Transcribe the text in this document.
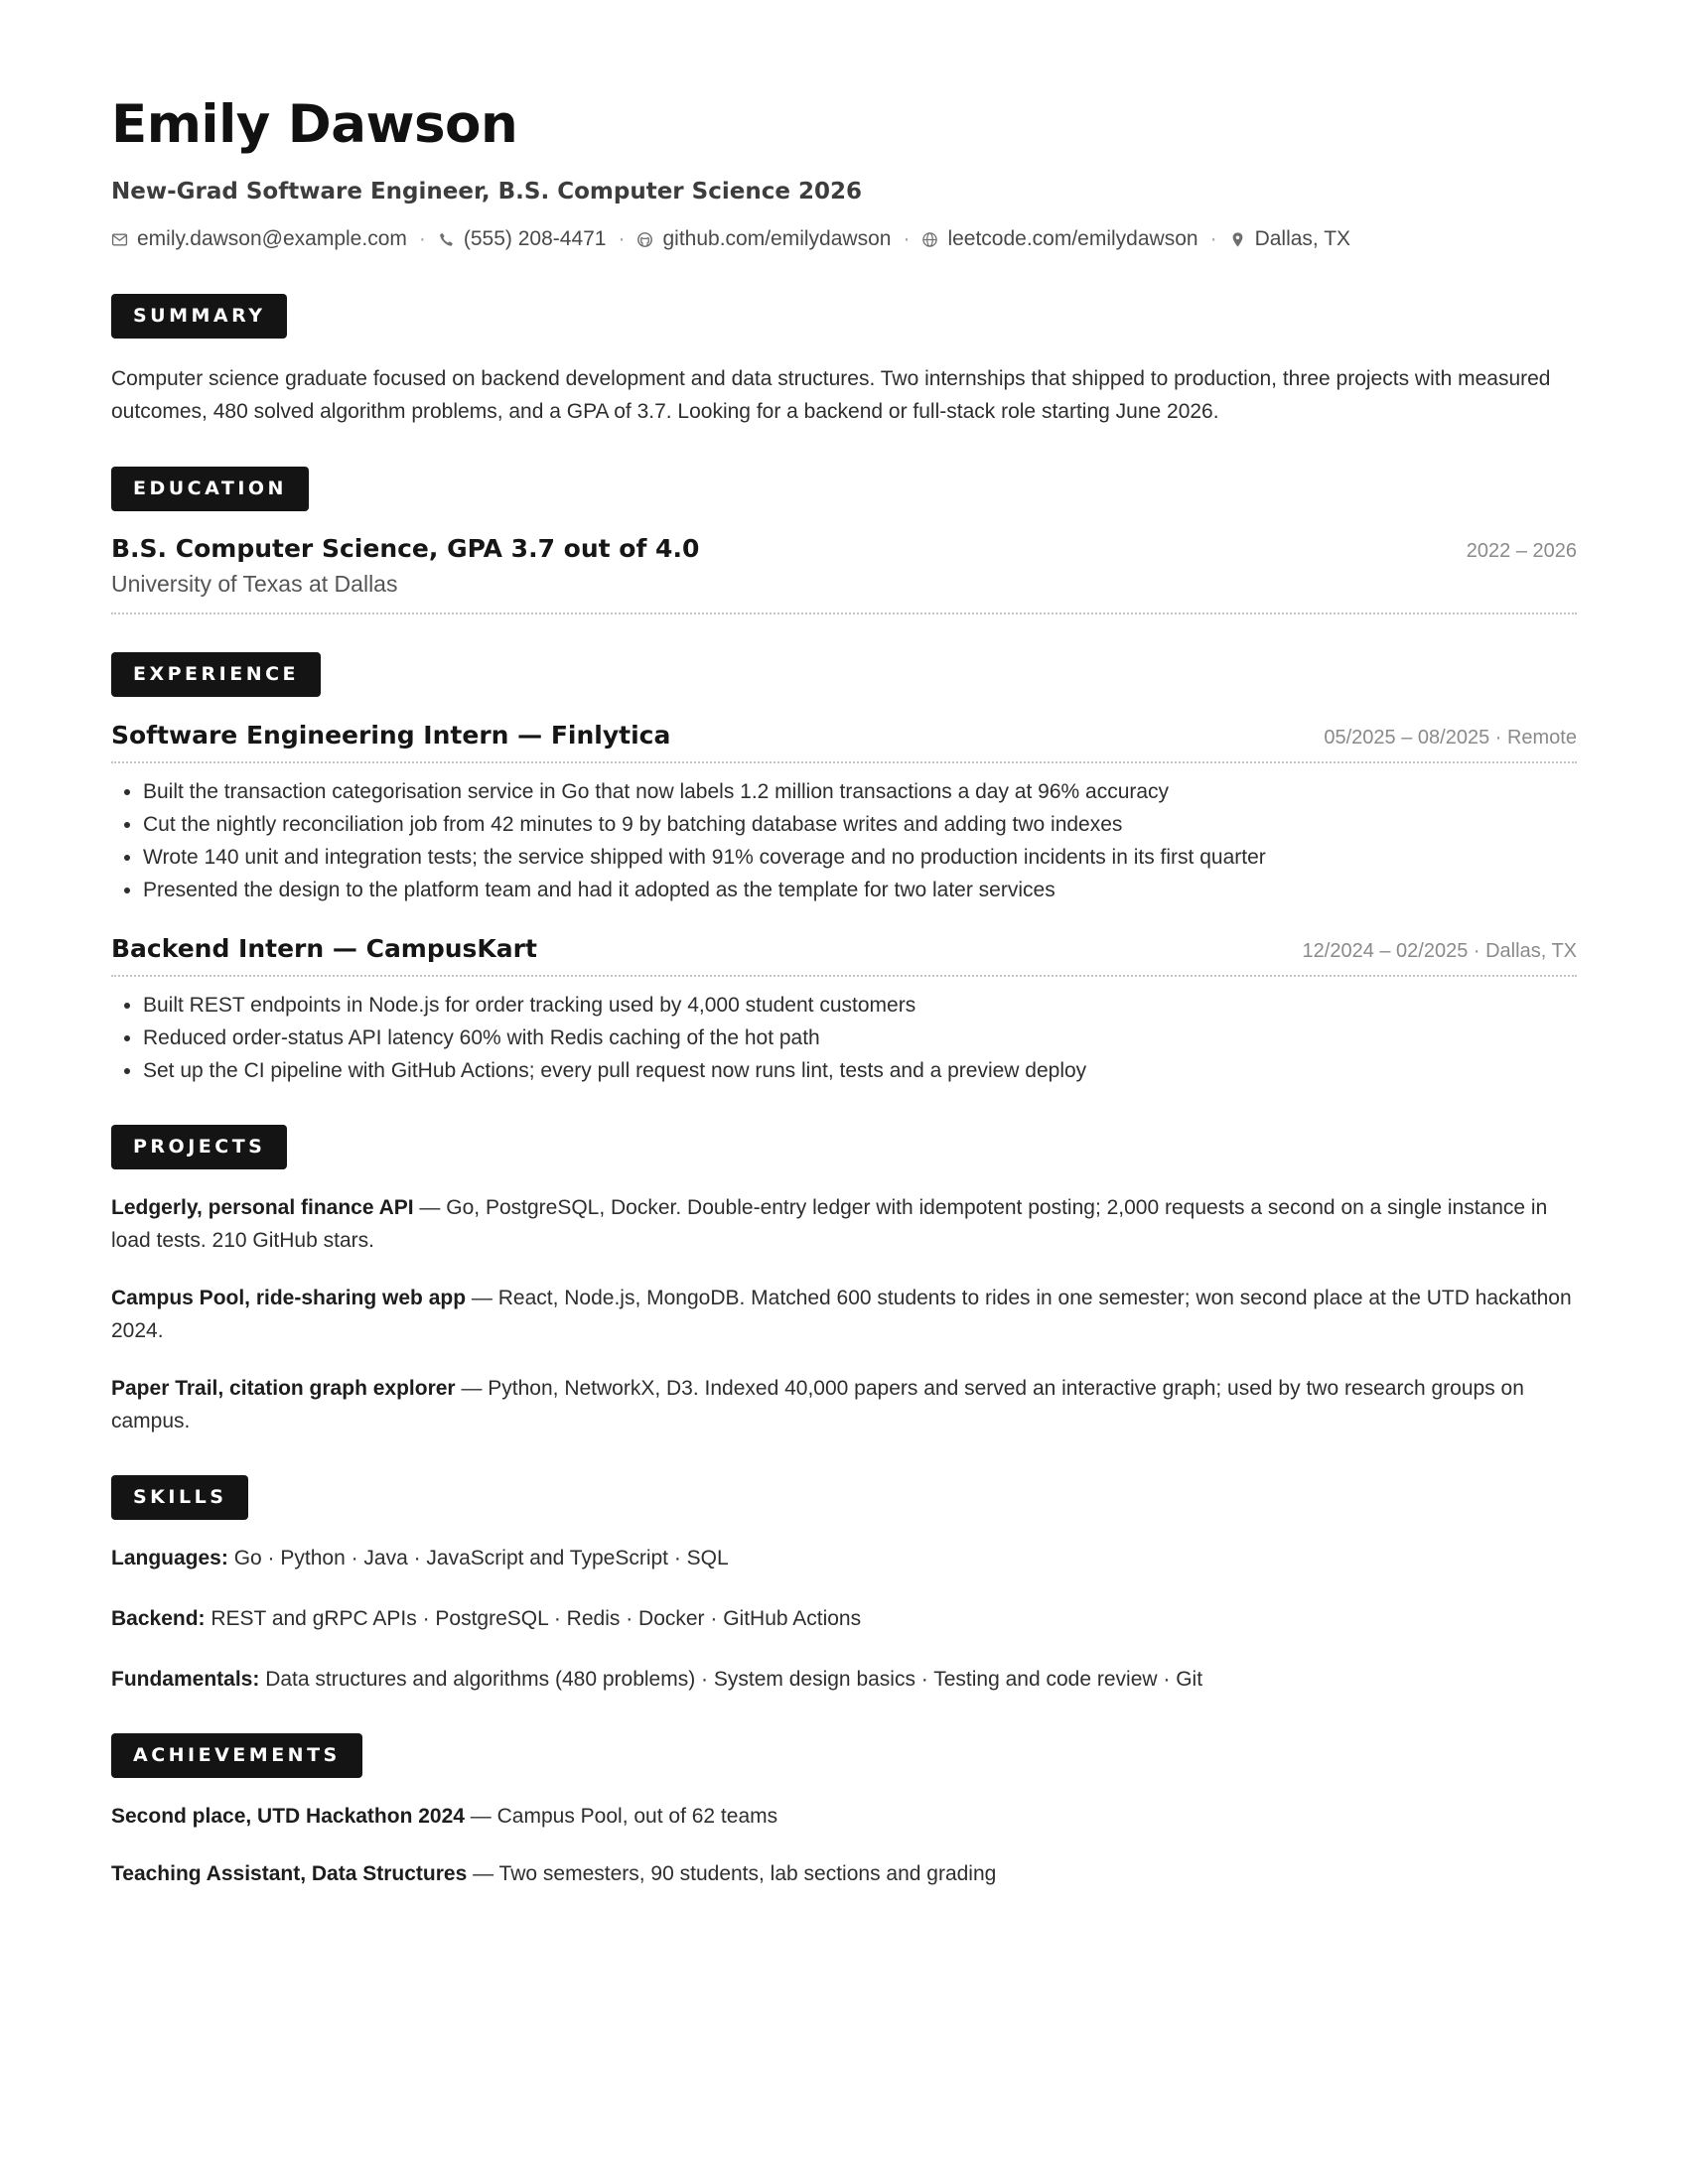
Emily Dawson
New-Grad Software Engineer, B.S. Computer Science 2026
emily.dawson@example.com · (555) 208-4471 · github.com/emilydawson · leetcode.com/emilydawson · Dallas, TX
SUMMARY
Computer science graduate focused on backend development and data structures. Two internships that shipped to production, three projects with measured outcomes, 480 solved algorithm problems, and a GPA of 3.7. Looking for a backend or full-stack role starting June 2026.
EDUCATION
B.S. Computer Science, GPA 3.7 out of 4.0	2022 – 2026
University of Texas at Dallas
EXPERIENCE
Software Engineering Intern — Finlytica	05/2025 – 08/2025 · Remote
• Built the transaction categorisation service in Go that now labels 1.2 million transactions a day at 96% accuracy
• Cut the nightly reconciliation job from 42 minutes to 9 by batching database writes and adding two indexes
• Wrote 140 unit and integration tests; the service shipped with 91% coverage and no production incidents in its first quarter
• Presented the design to the platform team and had it adopted as the template for two later services
Backend Intern — CampusKart	12/2024 – 02/2025 · Dallas, TX
• Built REST endpoints in Node.js for order tracking used by 4,000 student customers
• Reduced order-status API latency 60% with Redis caching of the hot path
• Set up the CI pipeline with GitHub Actions; every pull request now runs lint, tests and a preview deploy
PROJECTS
Ledgerly, personal finance API — Go, PostgreSQL, Docker. Double-entry ledger with idempotent posting; 2,000 requests a second on a single instance in load tests. 210 GitHub stars.
Campus Pool, ride-sharing web app — React, Node.js, MongoDB. Matched 600 students to rides in one semester; won second place at the UTD hackathon 2024.
Paper Trail, citation graph explorer — Python, NetworkX, D3. Indexed 40,000 papers and served an interactive graph; used by two research groups on campus.
SKILLS
Languages: Go · Python · Java · JavaScript and TypeScript · SQL
Backend: REST and gRPC APIs · PostgreSQL · Redis · Docker · GitHub Actions
Fundamentals: Data structures and algorithms (480 problems) · System design basics · Testing and code review · Git
ACHIEVEMENTS
Second place, UTD Hackathon 2024 — Campus Pool, out of 62 teams
Teaching Assistant, Data Structures — Two semesters, 90 students, lab sections and grading
